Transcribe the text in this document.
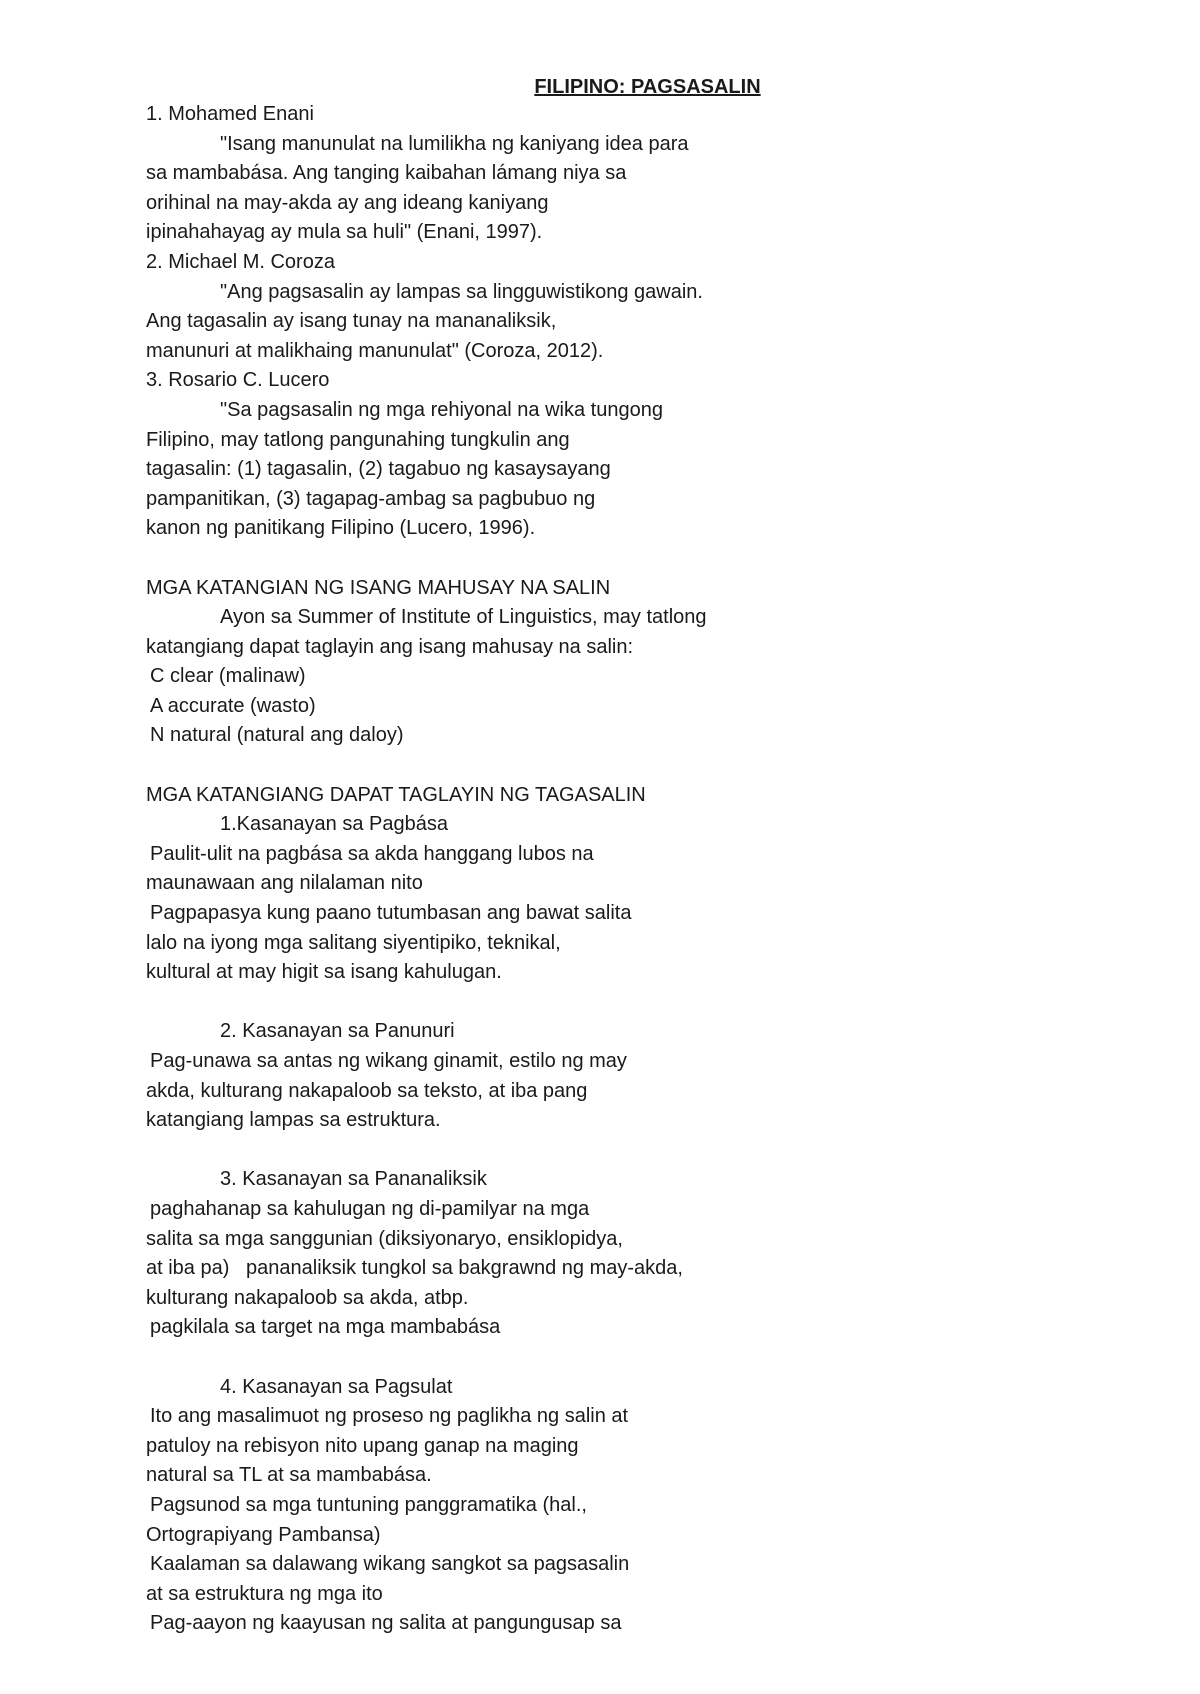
FILIPINO: PAGSASALIN
1. Mohamed Enani
"Isang manunulat na lumilikha ng kaniyang idea para
sa mambabása. Ang tanging kaibahan lámang niya sa
orihinal na may-akda ay ang ideang kaniyang
ipinahahayag ay mula sa huli" (Enani, 1997).
2. Michael M. Coroza
"Ang pagsasalin ay lampas sa lingguwistikong gawain.
Ang tagasalin ay isang tunay na mananaliksik,
manunuri at malikhaing manunulat" (Coroza, 2012).
3. Rosario C. Lucero
"Sa pagsasalin ng mga rehiyonal na wika tungong
Filipino, may tatlong pangunahing tungkulin ang
tagasalin: (1) tagasalin, (2) tagabuo ng kasaysayang
pampanitikan, (3) tagapag-ambag sa pagbubuo ng
kanon ng panitikang Filipino (Lucero, 1996).
MGA KATANGIAN NG ISANG MAHUSAY NA SALIN
Ayon sa Summer of Institute of Linguistics, may tatlong
katangiang dapat taglayin ang isang mahusay na salin:
C clear (malinaw)
A accurate (wasto)
N natural (natural ang daloy)
MGA KATANGIANG DAPAT TAGLAYIN NG TAGASALIN
1.Kasanayan sa Pagbása
Paulit-ulit na pagbása sa akda hanggang lubos na
maunawaan ang nilalaman nito
Pagpapasya kung paano tutumbasan ang bawat salita
lalo na iyong mga salitang siyentipiko, teknikal,
kultural at may higit sa isang kahulugan.
2. Kasanayan sa Panunuri
Pag-unawa sa antas ng wikang ginamit, estilo ng may
akda, kulturang nakapaloob sa teksto, at iba pang
katangiang lampas sa estruktura.
3. Kasanayan sa Pananaliksik
paghahanap sa kahulugan ng di-pamilyar na mga
salita sa mga sanggunian (diksiyonaryo, ensiklopidya,
at iba pa)   pananaliksik tungkol sa bakgrawnd ng may-akda,
kulturang nakapaloob sa akda, atbp.
pagkilala sa target na mga mambabása
4. Kasanayan sa Pagsulat
Ito ang masalimuot ng proseso ng paglikha ng salin at
patuloy na rebisyon nito upang ganap na maging
natural sa TL at sa mambabása.
Pagsunod sa mga tuntuning panggramatika (hal.,
Ortograpiyang Pambansa)
Kaalaman sa dalawang wikang sangkot sa pagsasalin
at sa estruktura ng mga ito
Pag-aayon ng kaayusan ng salita at pangungusap sa
